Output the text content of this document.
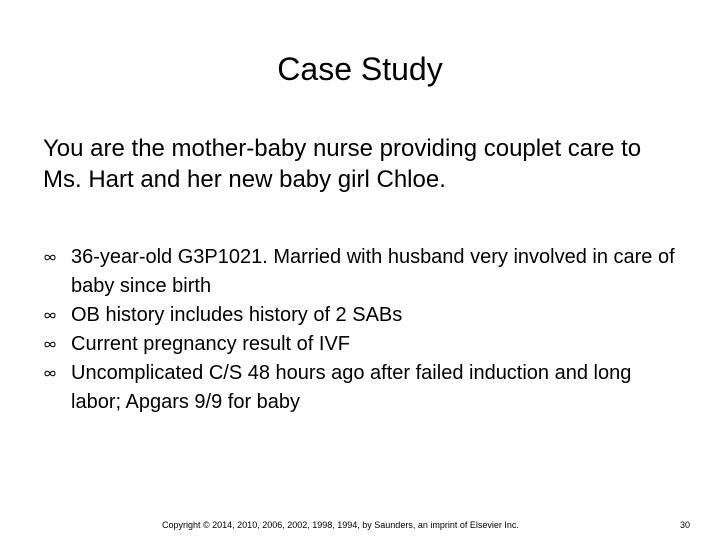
Case Study
You are the mother-baby nurse providing couplet care to Ms. Hart and her new baby girl Chloe.
36-year-old G3P1021. Married with husband very involved in care of baby since birth
OB history includes history of 2 SABs
Current pregnancy result of IVF
Uncomplicated C/S 48 hours ago after failed induction and long labor; Apgars 9/9 for baby
Copyright © 2014, 2010, 2006, 2002, 1998, 1994, by Saunders, an imprint of Elsevier Inc.	30
